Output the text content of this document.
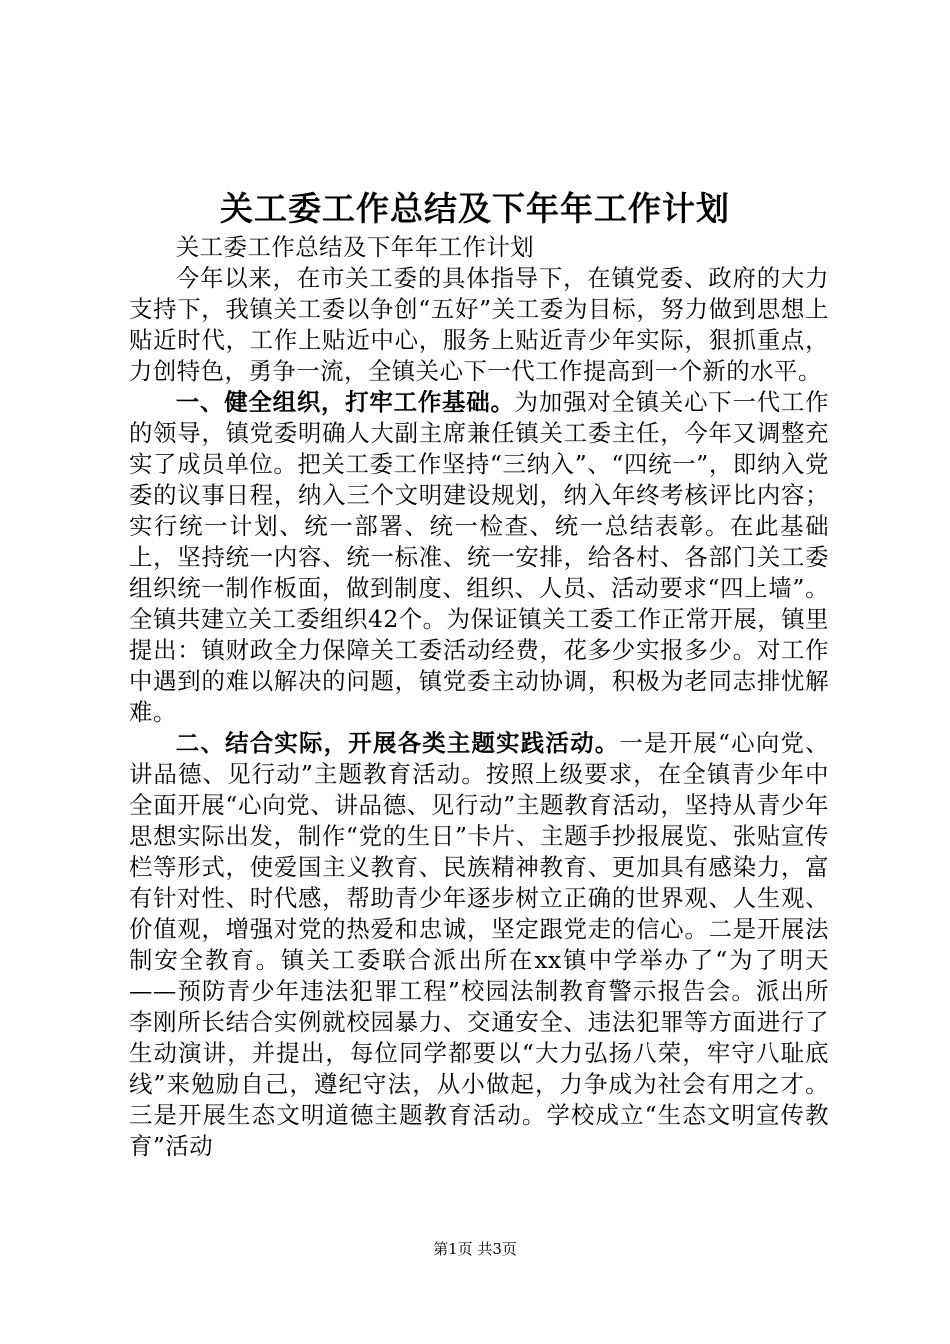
关工委工作总结及下年年工作计划

关工委工作总结及下年年工作计划

今年以来，在市关工委的具体指导下，在镇党委、政府的大力支持下，我镇关工委以争创“五好”关工委为目标，努力做到思想上贴近时代，工作上贴近中心，服务上贴近青少年实际，狠抓重点，力创特色，勇争一流，全镇关心下一代工作提高到一个新的水平。

一、健全组织，打牢工作基础。为加强对全镇关心下一代工作的领导，镇党委明确人大副主席兼任镇关工委主任，今年又调整充实了成员单位。把关工委工作坚持“三纳入”、“四统一”，即纳入党委的议事日程，纳入三个文明建设规划，纳入年终考核评比内容；实行统一计划、统一部署、统一检查、统一总结表彰。在此基础上，坚持统一内容、统一标准、统一安排，给各村、各部门关工委组织统一制作板面，做到制度、组织、人员、活动要求“四上墙”。全镇共建立关工委组织42个。为保证镇关工委工作正常开展，镇里提出：镇财政全力保障关工委活动经费，花多少实报多少。对工作中遇到的难以解决的问题，镇党委主动协调，积极为老同志排忧解难。

二、结合实际，开展各类主题实践活动。一是开展“心向党、讲品德、见行动”主题教育活动。按照上级要求，在全镇青少年中全面开展“心向党、讲品德、见行动”主题教育活动，坚持从青少年思想实际出发，制作“党的生日”卡片、主题手抄报展览、张贴宣传栏等形式，使爱国主义教育、民族精神教育、更加具有感染力，富有针对性、时代感，帮助青少年逐步树立正确的世界观、人生观、价值观，增强对党的热爱和忠诚，坚定跟党走的信心。二是开展法制安全教育。镇关工委联合派出所在xx镇中学举办了“为了明天——预防青少年违法犯罪工程”校园法制教育警示报告会。派出所李刚所长结合实例就校园暴力、交通安全、违法犯罪等方面进行了生动演讲，并提出，每位同学都要以“大力弘扬八荣，牢守八耻底线”来勉励自己，遵纪守法，从小做起，力争成为社会有用之才。三是开展生态文明道德主题教育活动。学校成立“生态文明宣传教育”活动

第1页 共3页
